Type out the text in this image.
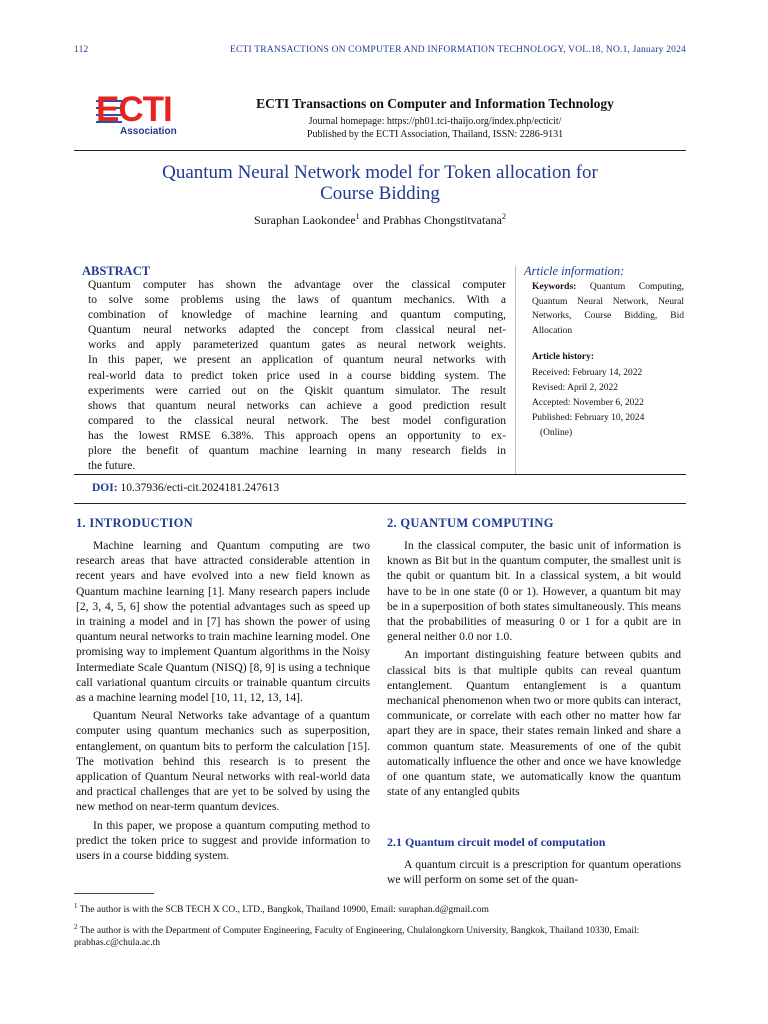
112	ECTI TRANSACTIONS ON COMPUTER AND INFORMATION TECHNOLOGY, VOL.18, NO.1, January 2024
ECTI
Association
ECTI Transactions on Computer and Information Technology
Journal homepage: https://ph01.tci-thaijo.org/index.php/ecticit/
Published by the ECTI Association, Thailand, ISSN: 2286-9131
Quantum Neural Network model for Token allocation for
Course Bidding
Suraphan Laokondee$^1$ and Prabhas Chongstitvatana$^2$
ABSTRACT
Quantum computer has shown the advantage over the classical computer
to solve some problems using the laws of quantum mechanics. With a
combination of knowledge of machine learning and quantum computing,
Quantum neural networks adapted the concept from classical neural net-
works and apply parameterized quantum gates as neural network weights.
In this paper, we present an application of quantum neural networks with
real-world data to predict token price used in a course bidding system. The
experiments were carried out on the Qiskit quantum simulator. The result
shows that quantum neural networks can achieve a good prediction result
compared to the classical neural network. The best model configuration
has the lowest RMSE 6.38%. This approach opens an opportunity to ex-
plore the benefit of quantum machine learning in many research fields in
the future.
Article information:
Keywords: Quantum Computing, Quantum Neural Network, Neural Networks, Course Bidding, Bid Allocation
Article history:
Received: February 14, 2022
Revised: April 2, 2022
Accepted: November 6, 2022
Published: February 10, 2024
(Online)
DOI: 10.37936/ecti-cit.2024181.247613
1. INTRODUCTION

Machine learning and Quantum computing are two research areas that have attracted considerable attention in recent years and have evolved into a new field known as Quantum machine learning [1]. Many research papers include [2, 3, 4, 5, 6] show the potential advantages such as speed up in training a model and in [7] has shown the power of using quantum neural networks to train machine learning model. One promising way to implement Quantum algorithms in the Noisy Intermediate Scale Quantum (NISQ) [8, 9] is using a technique call variational quantum circuits or trainable quantum circuits as a machine learning model [10, 11, 12, 13, 14].

Quantum Neural Networks take advantage of a quantum computer using quantum mechanics such as superposition, entanglement, on quantum bits to perform the calculation [15]. The motivation behind this research is to present the application of Quantum Neural networks with real-world data and practical challenges that are yet to be solved by using the new method on near-term quantum devices.

In this paper, we propose a quantum computing method to predict the token price to suggest and provide information to users in a course bidding system.

2. QUANTUM COMPUTING

In the classical computer, the basic unit of information is known as Bit but in the quantum computer, the smallest unit is the qubit or quantum bit. In a classical system, a bit would have to be in one state (0 or 1). However, a quantum bit may be in a superposition of both states simultaneously. This means that the probabilities of measuring 0 or 1 for a qubit are in general neither 0.0 nor 1.0.

An important distinguishing feature between qubits and classical bits is that multiple qubits can reveal quantum entanglement. Quantum entanglement is a quantum mechanical phenomenon when two or more qubits can interact, communicate, or correlate with each other no matter how far apart they are in space, their states remain linked and share a common quantum state. Measurements of one of the qubit automatically influence the other and once we have knowledge of one quantum state, we automatically know the quantum state of any entangled qubits

2.1 Quantum circuit model of computation

A quantum circuit is a prescription for quantum operations we will perform on some set of the quan-

$^1$ The author is with the SCB TECH X CO., LTD., Bangkok, Thailand 10900, Email: suraphan.d@gmail.com
$^2$ The author is with the Department of Computer Engineering, Faculty of Engineering, Chulalongkorn University, Bangkok, Thailand 10330, Email: prabhas.c@chula.ac.th
